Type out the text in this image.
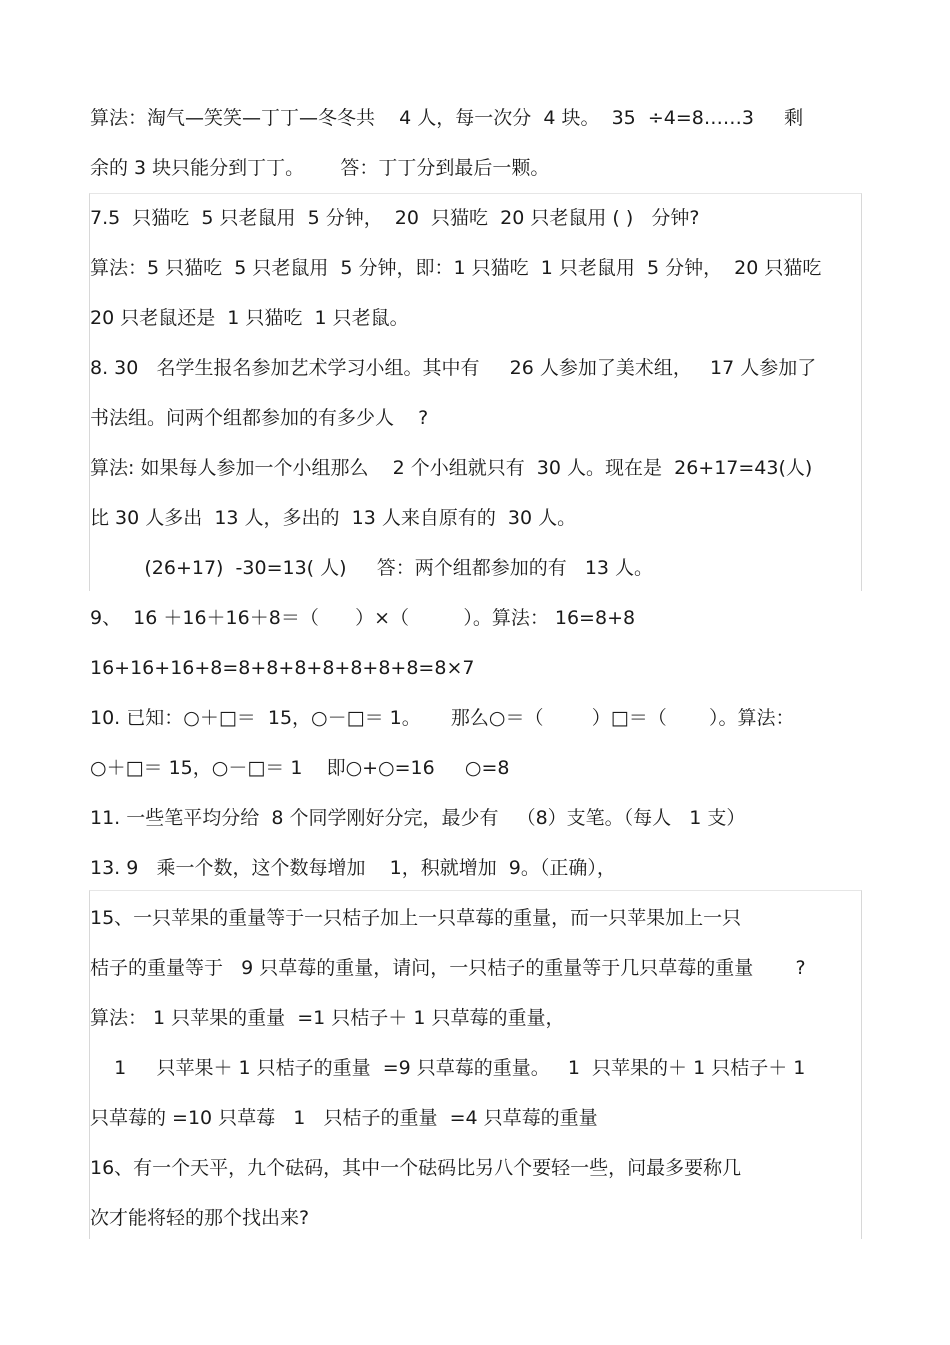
算法：淘气—笑笑—丁丁—冬冬共    4 人，每一次分  4 块。  35  ÷4=8……3     剩
余的 3 块只能分到丁丁。      答：丁丁分到最后一颗。
7.5  只猫吃  5 只老鼠用  5 分钟，  20  只猫吃  20 只老鼠用 ( )   分钟?
算法：5 只猫吃  5 只老鼠用  5 分钟，即：1 只猫吃  1 只老鼠用  5 分钟，  20 只猫吃
20 只老鼠还是  1 只猫吃  1 只老鼠。
8. 30   名学生报名参加艺术学习小组。其中有     26 人参加了美术组，   17 人参加了
书法组。问两个组都参加的有多少人    ?
算法: 如果每人参加一个小组那么    2 个小组就只有  30 人。现在是  26+17=43(人)
比 30 人多出  13 人，多出的  13 人来自原有的  30 人。
(26+17)  -30=13( 人)     答：两个组都参加的有   13 人。
9、  16 ＋16＋16＋8＝（      ）×（         ）。算法： 16=8+8
16+16+16+8=8+8+8+8+8+8+8=8×7
10. 已知：○＋□＝  15，○－□＝ 1。     那么○＝（        ）□＝（       ）。算法：
○＋□＝ 15，○－□＝ 1    即○+○=16     ○=8
11. 一些笔平均分给  8 个同学刚好分完，最少有   （8）支笔。（每人   1 支）
13. 9   乘一个数，这个数每增加    1，积就增加  9。（正确），
15、一只苹果的重量等于一只桔子加上一只草莓的重量，而一只苹果加上一只
桔子的重量等于   9 只草莓的重量，请问，一只桔子的重量等于几只草莓的重量       ?
算法： 1 只苹果的重量  =1 只桔子＋ 1 只草莓的重量，
1     只苹果＋ 1 只桔子的重量  =9 只草莓的重量。   1  只苹果的＋ 1 只桔子＋ 1
只草莓的 =10 只草莓   1   只桔子的重量  =4 只草莓的重量
16、有一个天平，九个砝码，其中一个砝码比另八个要轻一些，问最多要称几
次才能将轻的那个找出来?
